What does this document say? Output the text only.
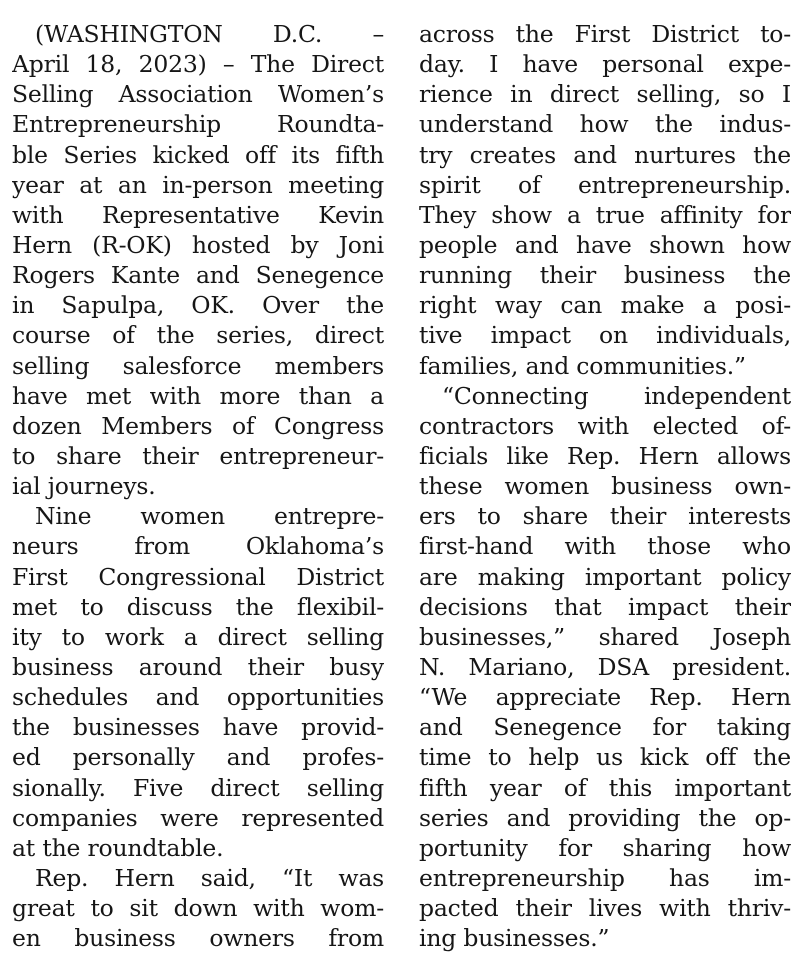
(WASHINGTON D.C. –
April 18, 2023) – The Direct
Selling Association Women’s
Entrepreneurship Roundta-
ble Series kicked off its fifth
year at an in-person meeting
with Representative Kevin
Hern (R-OK) hosted by Joni
Rogers Kante and Senegence
in Sapulpa, OK. Over the
course of the series, direct
selling salesforce members
have met with more than a
dozen Members of Congress
to share their entrepreneur-
ial journeys.
Nine women entrepre-
neurs from Oklahoma’s
First Congressional District
met to discuss the flexibil-
ity to work a direct selling
business around their busy
schedules and opportunities
the businesses have provid-
ed personally and profes-
sionally. Five direct selling
companies were represented
at the roundtable.
Rep. Hern said, “It was
great to sit down with wom-
en business owners from
across the First District to-
day. I have personal expe-
rience in direct selling, so I
understand how the indus-
try creates and nurtures the
spirit of entrepreneurship.
They show a true affinity for
people and have shown how
running their business the
right way can make a posi-
tive impact on individuals,
families, and communities.”
“Connecting independent
contractors with elected of-
ficials like Rep. Hern allows
these women business own-
ers to share their interests
first-hand with those who
are making important policy
decisions that impact their
businesses,” shared Joseph
N. Mariano, DSA president.
“We appreciate Rep. Hern
and Senegence for taking
time to help us kick off the
fifth year of this important
series and providing the op-
portunity for sharing how
entrepreneurship has im-
pacted their lives with thriv-
ing businesses.”
